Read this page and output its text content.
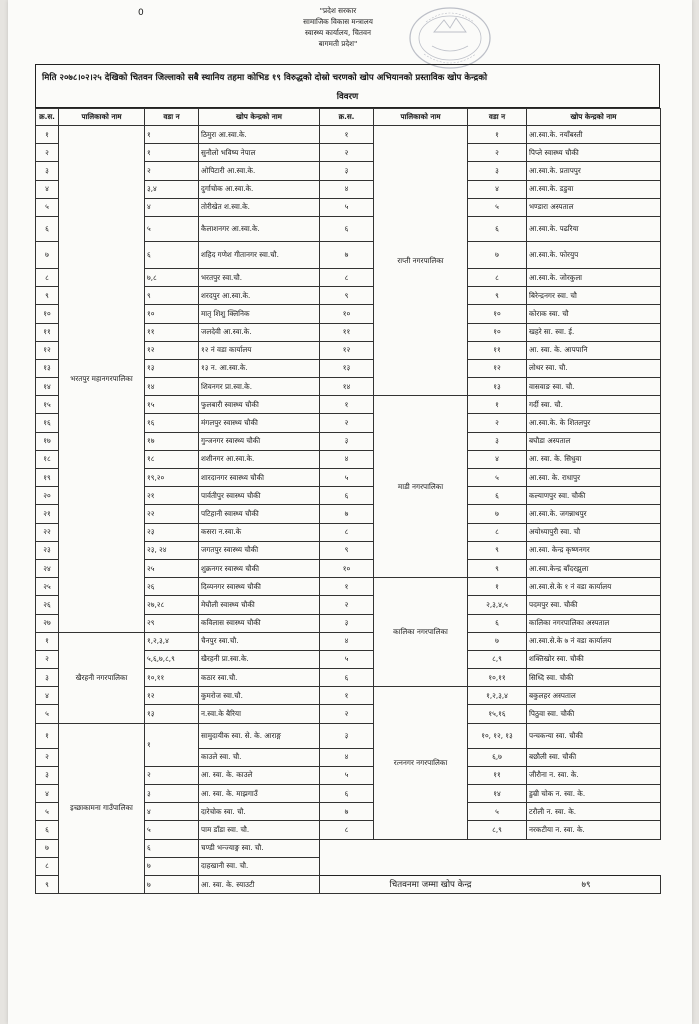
0	"प्रदेश सरकार
सामाजिक विकास मन्त्रालय
स्वास्थ्य कार्यालय, चितवन
बागमती प्रदेश"
मिति २०७८।०२।२५ देखिको चितवन जिल्लाको सबै स्थानिय तहमा कोभिड १९ विरुद्धको दोस्रो चरणको खोप अभियानको प्रस्ताविक खोप केन्द्रको
विवरण
क्र.स.	पालिकाको नाम	वडा न	खोप केन्द्रको नाम	क्र.स.	पालिकाको नाम	वडा न	खोप केन्द्रको नाम
१	भरतपुर महानगरपालिका	१	ठिमुरा आ.स्वा.के.	१	राप्ती नगरपालिका	१	आ.स्वा.के. नयाँबस्ती
२		१	सुनौलो भविष्य नेपाल	२		२	पिप्ले स्वास्थ्य चौकी
३		२	ओपिटारी आ.स्वा.के.	३		३	आ.स्वा.के. प्रतापपुर
४		३,४	दुर्गाचोक आ.स्वा.के.	४		४	आ.स्वा.के. डडुवा
५		४	तोरीखेत श.स्वा.के.	५		५	भण्डारा अस्पताल
६		५	कैलाशनगर आ.स्वा.के.	६		६	आ.स्वा.के. पढरिया
७		६	शहिद गणेश गीतानगर स्वा.चौ.	७		७	आ.स्वा.के. फोरयुप
८		७,८	भरतपुर स्वा.चौ.	८		८	आ.स्वा.के. जोरकुला
९		९	शरदपुर आ.स्वा.के.	९		९	बिरेन्द्रनगर स्वा. चौ
१०		१०	मातृ शिशु क्लिनिक	१०		१०	कोराक स्वा. चौ
११		११	जलदेवी आ.स्वा.के.	११		१०	खहरे सा. स्वा. ई.
१२		१२	१२ नं वडा कार्यालय	१२		११	आ. स्वा. के. आपपानि
१३		१३	१३ न. आ.स्वा.के.	१३		१२	लोथर स्वा. चौ.
१४		१४	शिवनगर प्रा.स्वा.के.	१४		१३	वासवाङ स्वा. चौ.
१५		१५	फुलबारी स्वास्थ्य चौकी	१	माडी नगरपालिका	१	गर्दी स्वा. चौ.
१६		१६	मंगलपुर स्वास्थ्य चौकी	२		२	आ.स्वा.के. के शितलपुर
१७		१७	गुन्जनगर स्वास्थ्य चौकी	३		३	बघौडा अस्पताल
१८		१८	शशीनगर आ.स्वा.के.	४		४	आ. स्वा. के. सिधुवा
१९		१९,२०	शारदानगर स्वास्थ्य चौकी	५		५	आ.स्वा. के. राधापुर
२०		२१	पार्वतीपुर स्वास्थ्य चौकी	६		६	कल्याणपुर स्वा. चौकी
२१		२२	पटिहानी स्वास्थ्य चौकी	७		७	आ.स्वा.के. जगन्नाथपुर
२२		२३	कसरा न.स्वा.के	८		८	अयोध्यापुरी स्वा. चौ
२३		२३, २४	जगतपुर स्वास्थ्य चौकी	९		९	आ.स्वा. केन्द्र कृष्णनगर
२४		२५	शुक्रनगर स्वास्थ्य चौकी	१०		९	आ.स्वा.केन्द्र बाँदरझुला
२५		२६	दिव्यनगर स्वास्थ्य चौकी	१	कालिका नगरपालिका	१	आ.स्वा.से.के १ नं वडा कार्यालय
२६		२७,२८	मेघौली स्वास्थ्य चौकी	२		२,३,४,५	पदमपुर स्वा. चौकी
२७		२९	कविलास स्वास्थ्य चौकी	३		६	कालिका नगरपालिका अस्पताल
१	खैरहनी नगरपालिका	१,२,३,४	चैनपुर स्वा.चौ.	४		७	आ.स्वा.से.के ७ नं वडा कार्यालय
२		५,६,७,८,९	खैरहनी प्रा.स्वा.के.	५		८,९	शक्तिखोर स्वा. चौकी
३		१०,११	कठार स्वा.चौ.	६		१०,११	सिध्दि स्वा. चौकी
४		१२	कुमरोज स्वा.चौ.	१	रत्ननगर नगरपालिका	१,२,३,४	बकुलहर अस्पताल
५		१३	न.स्वा.के बैरिया	२		१५,१६	पिठुवा स्वा. चौकी
१	इच्छाकामना गाउँपालिका	१	सामुदायीक स्वा. से. के. आराङ्ग	३		१०, १२, १३	पन्चकन्या स्वा. चौकी
२			काउले स्वा. चौ.	४		६,७	बछौली स्वा. चौकी
३		२	आ. स्वा. के. काउले	५		११	जीरौना न. स्वा. के.
४		३	आ. स्वा. के. माझगाउँ	६		१४	डुम्री चोक न. स्वा. के.
५		४	दारेचोक स्वा. चौ.	७		५	टरौली न. स्वा. के.
६		५	पाम डाँडा स्वा. चौ.	८		८,९	नरकटीया न. स्वा. के.
७		६	चण्डी भन्ज्याङ्ग स्वा. चौ.				
८		७	दाहखानी स्वा. चौ.				
९		७	आ. स्वा. के. स्याउटी	चितवनमा जम्मा खोप केन्द्र ७९			
